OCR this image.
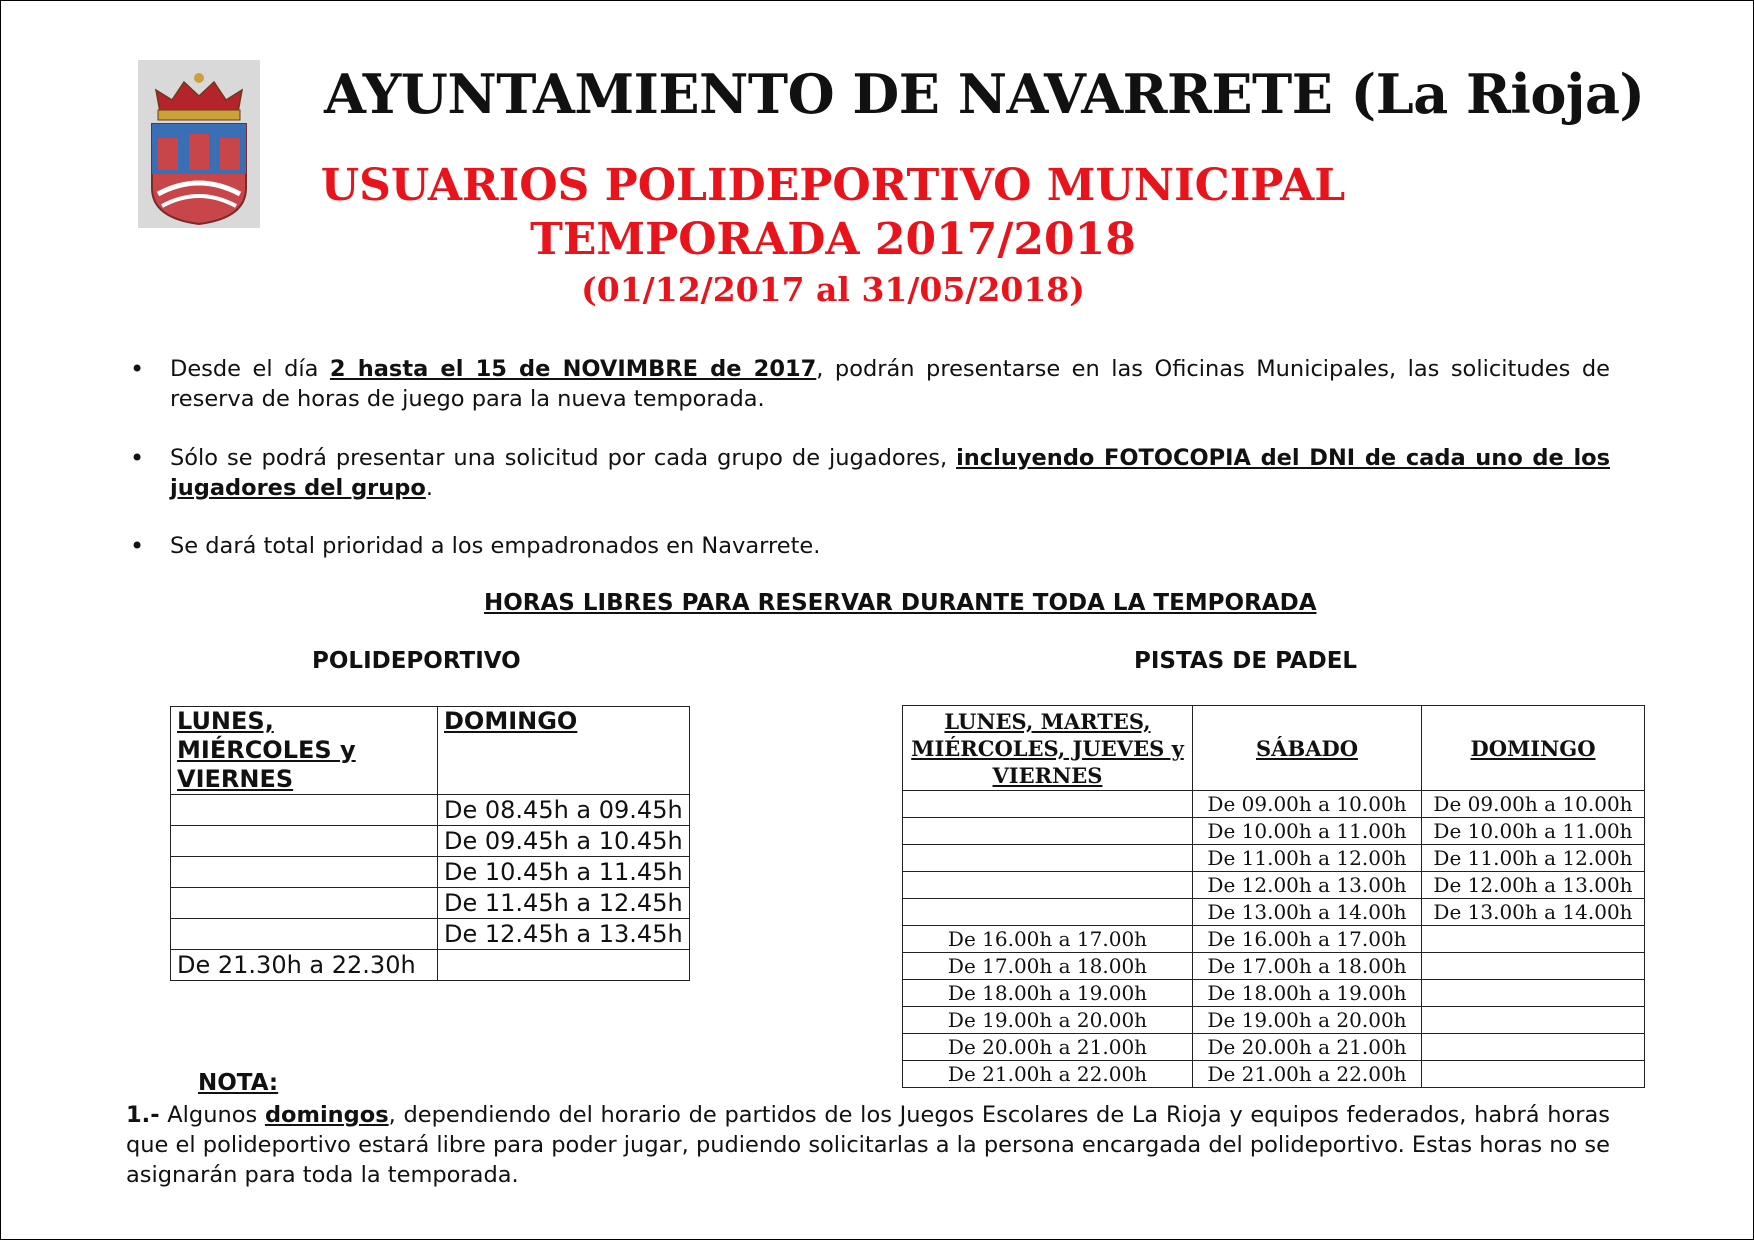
AYUNTAMIENTO DE NAVARRETE (La Rioja)
USUARIOS POLIDEPORTIVO MUNICIPAL
TEMPORADA 2017/2018
(01/12/2017 al 31/05/2018)
• Desde el día 2 hasta el 15 de NOVIMBRE de 2017, podrán presentarse en las Oficinas Municipales, las solicitudes de reserva de horas de juego para la nueva temporada.
• Sólo se podrá presentar una solicitud por cada grupo de jugadores, incluyendo FOTOCOPIA del DNI de cada uno de los jugadores del grupo.
• Se dará total prioridad a los empadronados en Navarrete.
HORAS LIBRES PARA RESERVAR DURANTE TODA LA TEMPORADA
POLIDEPORTIVO	PISTAS DE PADEL
LUNES, MIÉRCOLES y VIERNES	DOMINGO
	De 08.45h a 09.45h
	De 09.45h a 10.45h
	De 10.45h a 11.45h
	De 11.45h a 12.45h
	De 12.45h a 13.45h
De 21.30h a 22.30h	
LUNES, MARTES, MIÉRCOLES, JUEVES y VIERNES	SÁBADO	DOMINGO
	De 09.00h a 10.00h	De 09.00h a 10.00h
	De 10.00h a 11.00h	De 10.00h a 11.00h
	De 11.00h a 12.00h	De 11.00h a 12.00h
	De 12.00h a 13.00h	De 12.00h a 13.00h
	De 13.00h a 14.00h	De 13.00h a 14.00h
De 16.00h a 17.00h	De 16.00h a 17.00h	
De 17.00h a 18.00h	De 17.00h a 18.00h	
De 18.00h a 19.00h	De 18.00h a 19.00h	
De 19.00h a 20.00h	De 19.00h a 20.00h	
De 20.00h a 21.00h	De 20.00h a 21.00h	
De 21.00h a 22.00h	De 21.00h a 22.00h	
NOTA:
1.- Algunos domingos, dependiendo del horario de partidos de los Juegos Escolares de La Rioja y equipos federados, habrá horas que el polideportivo estará libre para poder jugar, pudiendo solicitarlas a la persona encargada del polideportivo. Estas horas no se asignarán para toda la temporada.
